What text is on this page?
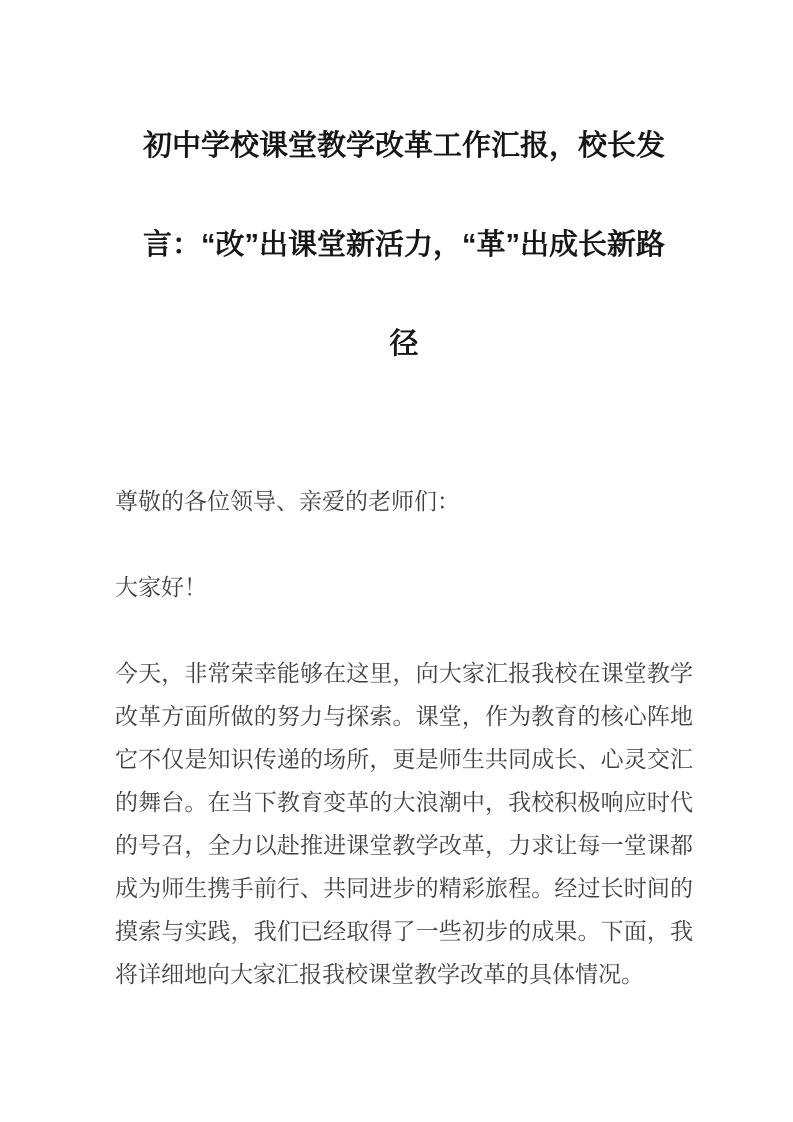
初中学校课堂教学改革工作汇报，校长发
言：“改”出课堂新活力，“革”出成长新路
径

尊敬的各位领导、亲爱的老师们：

大家好！

今天，非常荣幸能够在这里，向大家汇报我校在课堂教学改革方面所做的努力与探索。课堂，作为教育的核心阵地它不仅是知识传递的场所，更是师生共同成长、心灵交汇的舞台。在当下教育变革的大浪潮中，我校积极响应时代的号召，全力以赴推进课堂教学改革，力求让每一堂课都成为师生携手前行、共同进步的精彩旅程。经过长时间的摸索与实践，我们已经取得了一些初步的成果。下面，我将详细地向大家汇报我校课堂教学改革的具体情况。
